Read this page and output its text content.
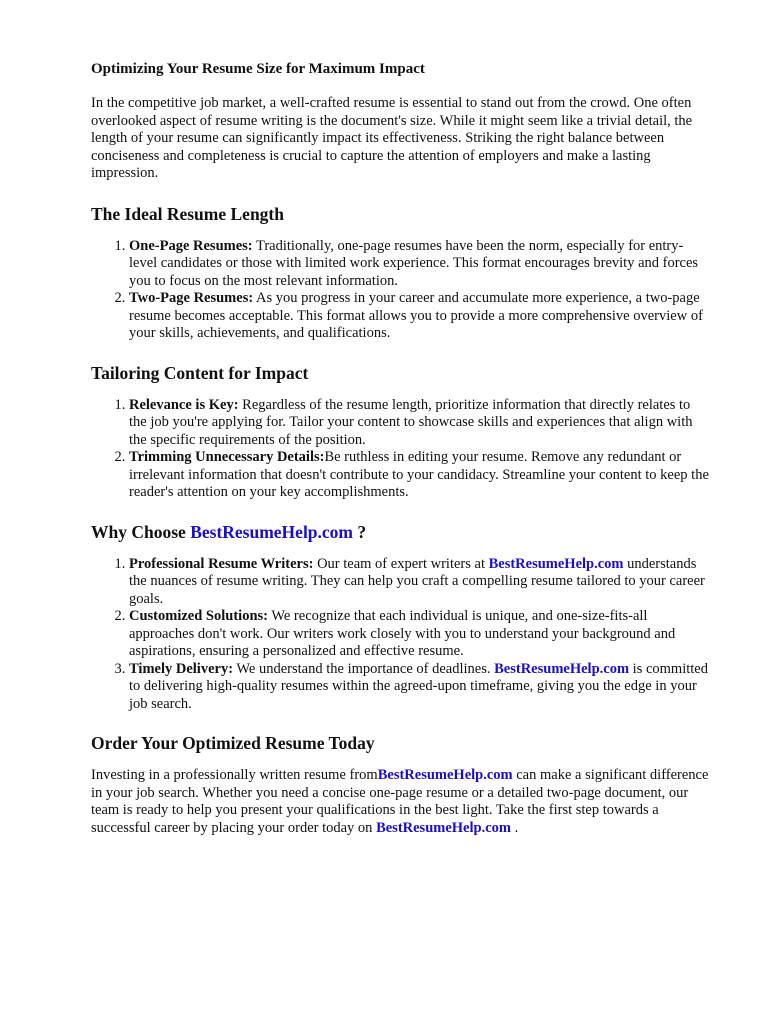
Optimizing Your Resume Size for Maximum Impact

In the competitive job market, a well-crafted resume is essential to stand out from the crowd. One often overlooked aspect of resume writing is the document's size. While it might seem like a trivial detail, the length of your resume can significantly impact its effectiveness. Striking the right balance between conciseness and completeness is crucial to capture the attention of employers and make a lasting impression.

The Ideal Resume Length
1. One-Page Resumes: Traditionally, one-page resumes have been the norm, especially for entry-level candidates or those with limited work experience. This format encourages brevity and forces you to focus on the most relevant information.
2. Two-Page Resumes: As you progress in your career and accumulate more experience, a two-page resume becomes acceptable. This format allows you to provide a more comprehensive overview of your skills, achievements, and qualifications.
Tailoring Content for Impact
1. Relevance is Key: Regardless of the resume length, prioritize information that directly relates to the job you're applying for. Tailor your content to showcase skills and experiences that align with the specific requirements of the position.
2. Trimming Unnecessary Details:Be ruthless in editing your resume. Remove any redundant or irrelevant information that doesn't contribute to your candidacy. Streamline your content to keep the reader's attention on your key accomplishments.
Why Choose BestResumeHelp.com ?
1. Professional Resume Writers: Our team of expert writers at BestResumeHelp.com understands the nuances of resume writing. They can help you craft a compelling resume tailored to your career goals.
2. Customized Solutions: We recognize that each individual is unique, and one-size-fits-all approaches don't work. Our writers work closely with you to understand your background and aspirations, ensuring a personalized and effective resume.
3. Timely Delivery: We understand the importance of deadlines. BestResumeHelp.com is committed to delivering high-quality resumes within the agreed-upon timeframe, giving you the edge in your job search.
Order Your Optimized Resume Today

Investing in a professionally written resume fromBestResumeHelp.com can make a significant difference in your job search. Whether you need a concise one-page resume or a detailed two-page document, our team is ready to help you present your qualifications in the best light. Take the first step towards a successful career by placing your order today on BestResumeHelp.com .
